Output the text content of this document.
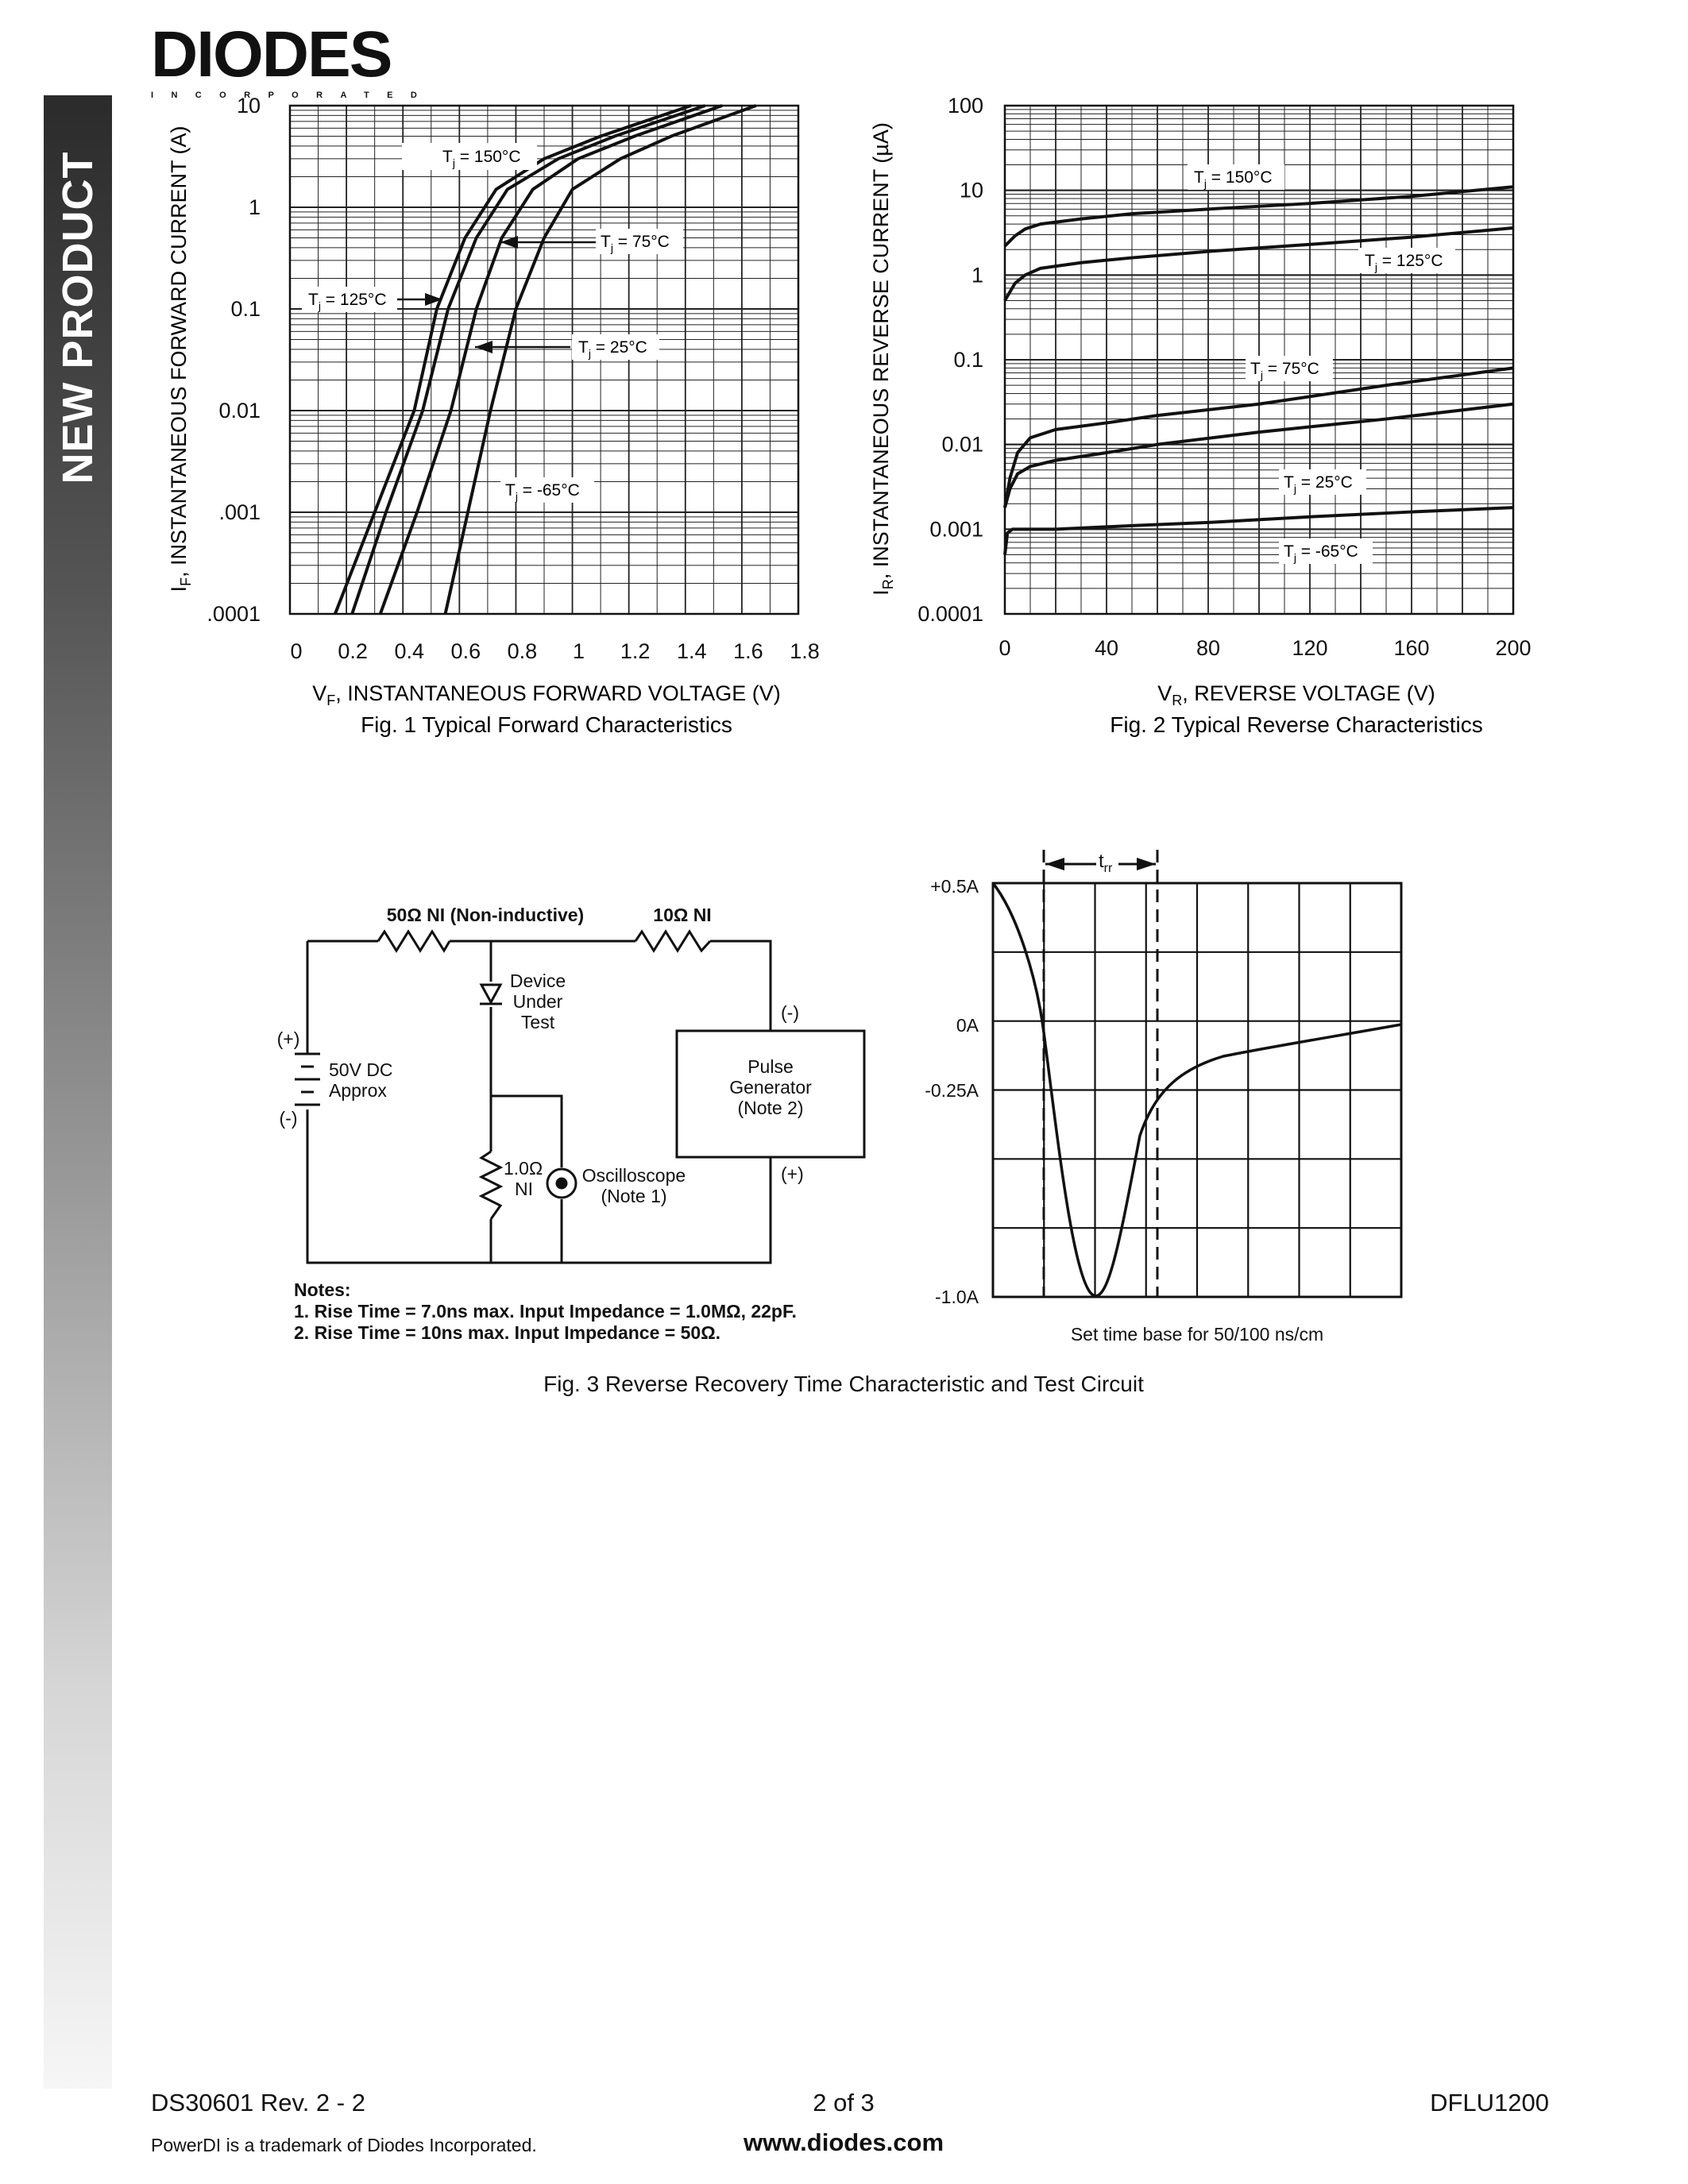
NEW PRODUCT
DIODES
INCORPORATED
0 0.2 0.4 0.6 0.8 1 1.2 1.4 1.6 1.8
10
1
0.1
0.01
.001
.0001
$T_j = 150^\circ C$
$T_j = 75^\circ C$
$T_j = 125^\circ C$
$T_j = 25^\circ C$
$T_j = -65^\circ C$
$I_F$, INSTANTANEOUS FORWARD CURRENT (A)
$V_F$, INSTANTANEOUS FORWARD VOLTAGE (V)
Fig. 1 Typical Forward Characteristics
0	40	80	120	160	200
100
10
1
0.1
0.01
0.001
0.0001
$T_j = 150^\circ C$
$T_j = 125^\circ C$
$T_j = 75^\circ C$
$T_j = 25^\circ C$
$T_j = -65^\circ C$
$I_R$, INSTANTANEOUS REVERSE CURRENT (µA)
$V_R$, REVERSE VOLTAGE (V)
Fig. 2 Typical Reverse Characteristics
50Ω NI (Non-inductive)	10Ω NI
Device
Under
Test
(+)
(-)
50V DC
Approx
1.0Ω
NI
Oscilloscope
(Note 1)
Pulse
Generator
(Note 2)
(-)
(+)
Notes:
1. Rise Time = 7.0ns max. Input Impedance = 1.0MΩ, 22pF.
2. Rise Time = 10ns max. Input Impedance = 50Ω.
$t_{rr}$
+0.5A
0A
-0.25A
-1.0A
Set time base for 50/100 ns/cm
Fig. 3 Reverse Recovery Time Characteristic and Test Circuit
DS30601 Rev. 2 - 2	2 of 3	DFLU1200
PowerDI is a trademark of Diodes Incorporated.	www.diodes.com
